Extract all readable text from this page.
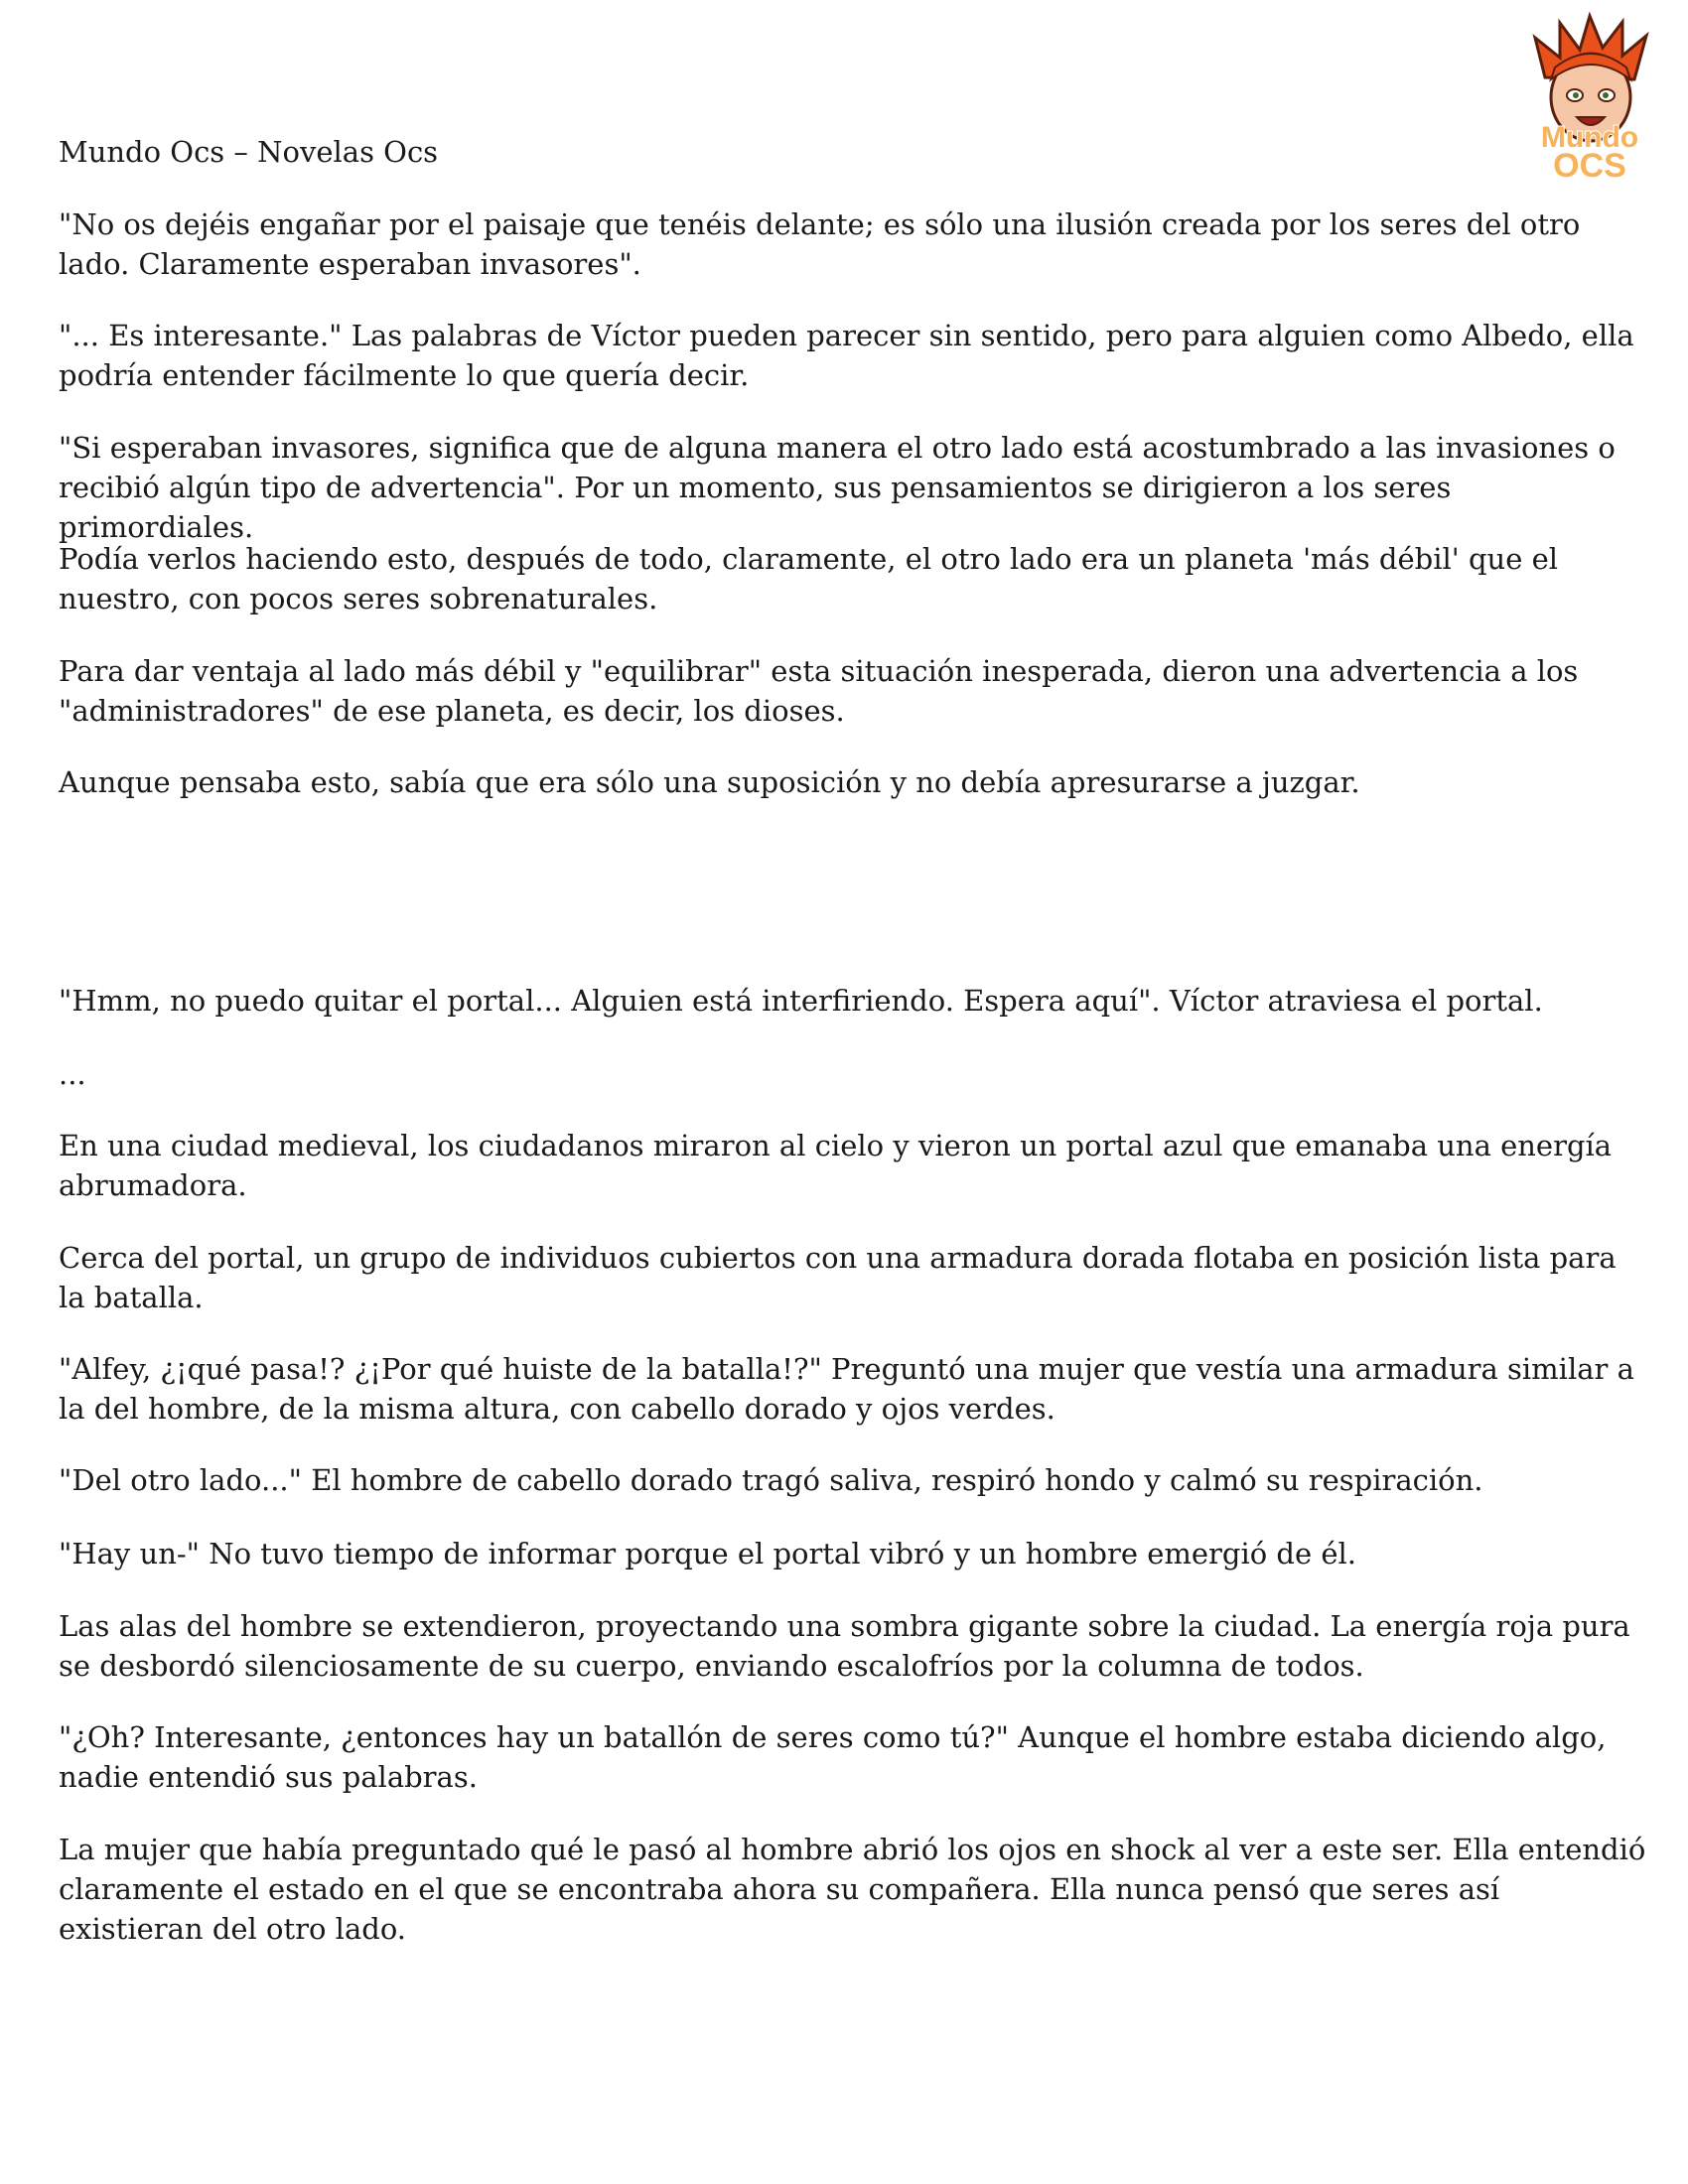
Mundo Ocs – Novelas Ocs

"No os dejéis engañar por el paisaje que tenéis delante; es sólo una ilusión creada por los seres del otro lado. Claramente esperaban invasores".

"... Es interesante." Las palabras de Víctor pueden parecer sin sentido, pero para alguien como Albedo, ella podría entender fácilmente lo que quería decir.

"Si esperaban invasores, significa que de alguna manera el otro lado está acostumbrado a las invasiones o recibió algún tipo de advertencia". Por un momento, sus pensamientos se dirigieron a los seres primordiales.

Podía verlos haciendo esto, después de todo, claramente, el otro lado era un planeta 'más débil' que el nuestro, con pocos seres sobrenaturales.

Para dar ventaja al lado más débil y "equilibrar" esta situación inesperada, dieron una advertencia a los "administradores" de ese planeta, es decir, los dioses.

Aunque pensaba esto, sabía que era sólo una suposición y no debía apresurarse a juzgar.

"Hmm, no puedo quitar el portal... Alguien está interfiriendo. Espera aquí". Víctor atraviesa el portal.

...

En una ciudad medieval, los ciudadanos miraron al cielo y vieron un portal azul que emanaba una energía abrumadora.

Cerca del portal, un grupo de individuos cubiertos con una armadura dorada flotaba en posición lista para la batalla.

"Alfey, ¿¡qué pasa!? ¿¡Por qué huiste de la batalla!?" Preguntó una mujer que vestía una armadura similar a la del hombre, de la misma altura, con cabello dorado y ojos verdes.

"Del otro lado..." El hombre de cabello dorado tragó saliva, respiró hondo y calmó su respiración.

"Hay un-" No tuvo tiempo de informar porque el portal vibró y un hombre emergió de él.

Las alas del hombre se extendieron, proyectando una sombra gigante sobre la ciudad. La energía roja pura se desbordó silenciosamente de su cuerpo, enviando escalofríos por la columna de todos.

"¿Oh? Interesante, ¿entonces hay un batallón de seres como tú?" Aunque el hombre estaba diciendo algo, nadie entendió sus palabras.

La mujer que había preguntado qué le pasó al hombre abrió los ojos en shock al ver a este ser. Ella entendió claramente el estado en el que se encontraba ahora su compañera. Ella nunca pensó que seres así existieran del otro lado.

Mundo
OCS
